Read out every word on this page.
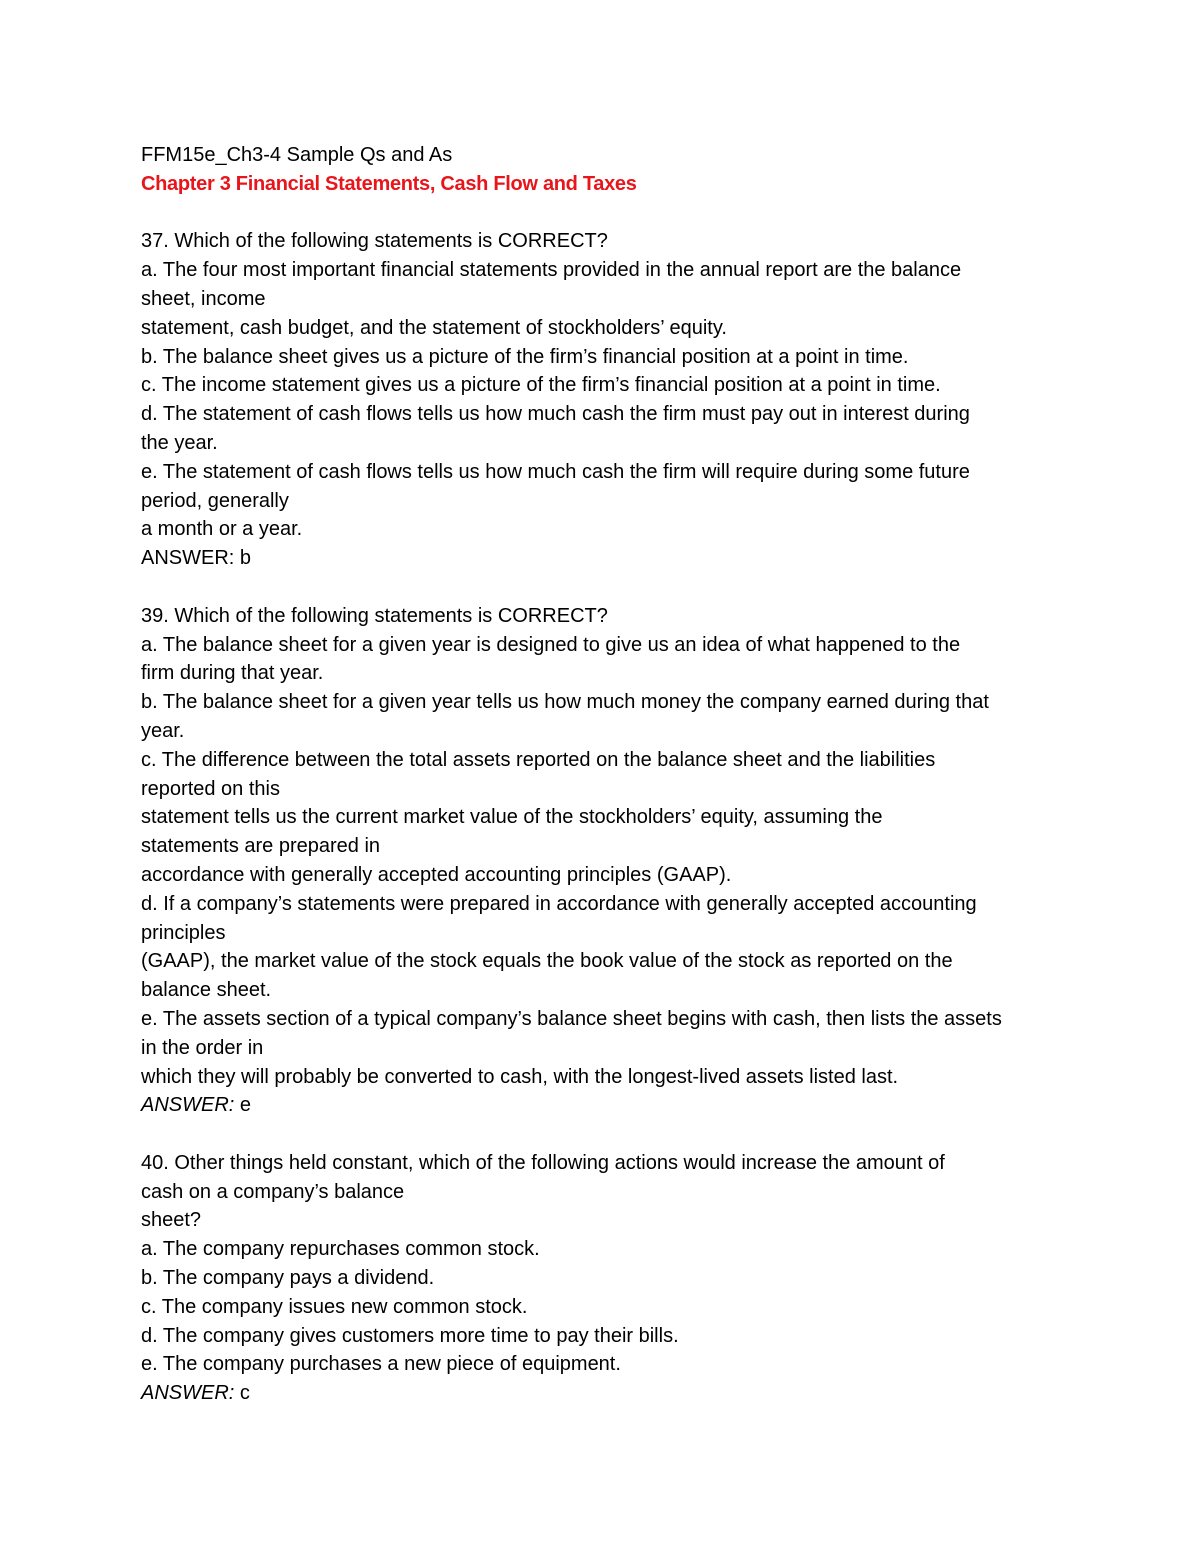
FFM15e_Ch3-4 Sample Qs and As
Chapter 3 Financial Statements, Cash Flow and Taxes
37. Which of the following statements is CORRECT?
a. The four most important financial statements provided in the annual report are the balance
sheet, income
statement, cash budget, and the statement of stockholders’ equity.
b. The balance sheet gives us a picture of the firm’s financial position at a point in time.
c. The income statement gives us a picture of the firm’s financial position at a point in time.
d. The statement of cash flows tells us how much cash the firm must pay out in interest during
the year.
e. The statement of cash flows tells us how much cash the firm will require during some future
period, generally
a month or a year.
ANSWER: b
39. Which of the following statements is CORRECT?
a. The balance sheet for a given year is designed to give us an idea of what happened to the
firm during that year.
b. The balance sheet for a given year tells us how much money the company earned during that
year.
c. The difference between the total assets reported on the balance sheet and the liabilities
reported on this
statement tells us the current market value of the stockholders’ equity, assuming the
statements are prepared in
accordance with generally accepted accounting principles (GAAP).
d. If a company’s statements were prepared in accordance with generally accepted accounting
principles
(GAAP), the market value of the stock equals the book value of the stock as reported on the
balance sheet.
e. The assets section of a typical company’s balance sheet begins with cash, then lists the assets
in the order in
which they will probably be converted to cash, with the longest-lived assets listed last.
ANSWER: e
40. Other things held constant, which of the following actions would increase the amount of
cash on a company’s balance
sheet?
a. The company repurchases common stock.
b. The company pays a dividend.
c. The company issues new common stock.
d. The company gives customers more time to pay their bills.
e. The company purchases a new piece of equipment.
ANSWER: c
